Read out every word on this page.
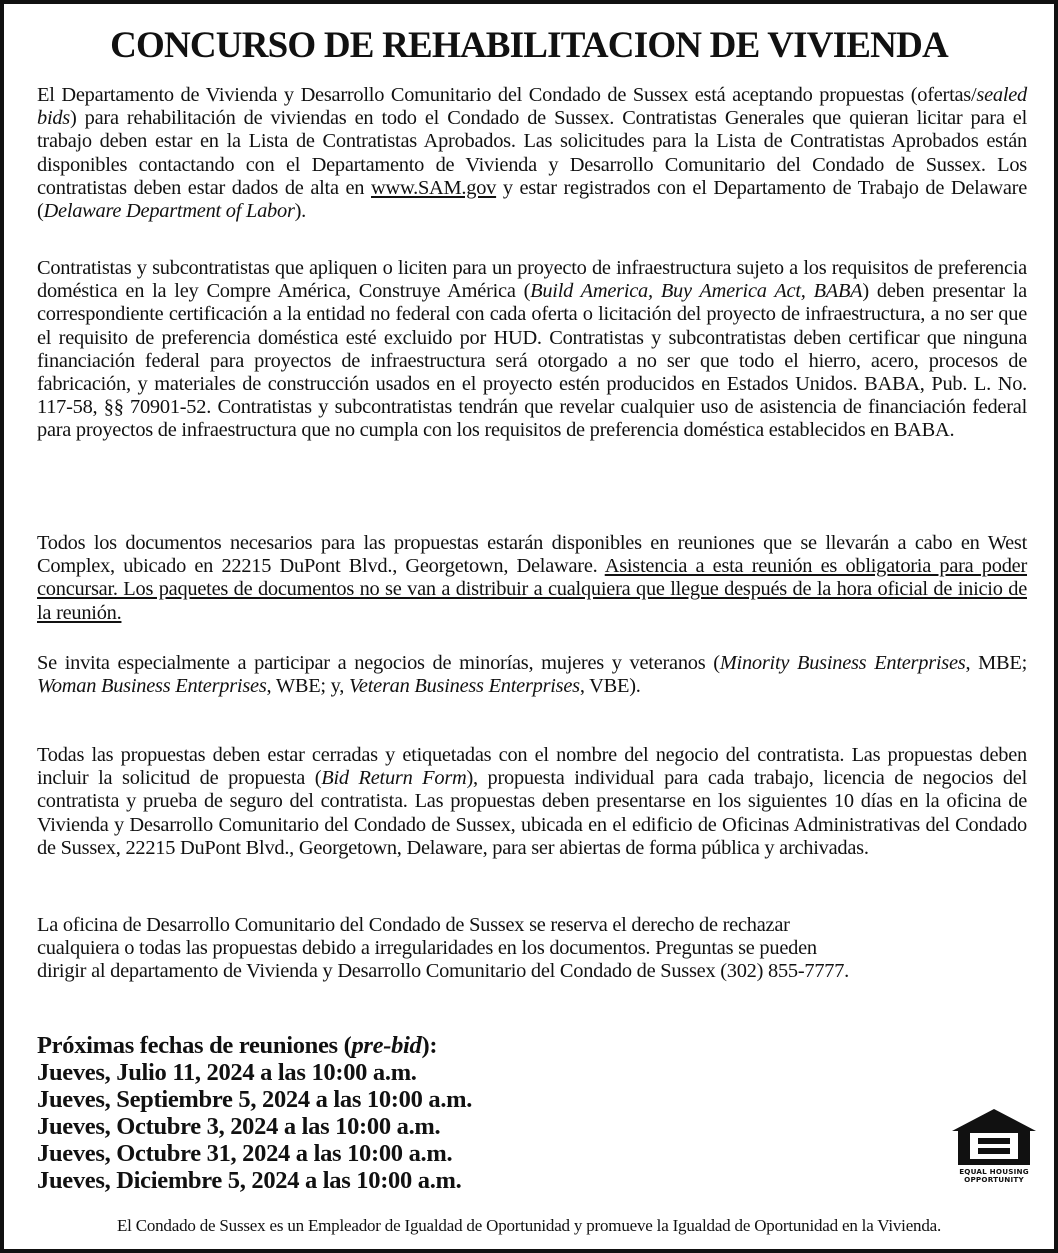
CONCURSO DE REHABILITACION DE VIVIENDA

El Departamento de Vivienda y Desarrollo Comunitario del Condado de Sussex está aceptando propuestas (ofertas/sealed bids) para rehabilitación de viviendas en todo el Condado de Sussex. Contratistas Generales que quieran licitar para el trabajo deben estar en la Lista de Contratistas Aprobados. Las solicitudes para la Lista de Contratistas Aprobados están disponibles contactando con el Departamento de Vivienda y Desarrollo Comunitario del Condado de Sussex. Los contratistas deben estar dados de alta en www.SAM.gov y estar registrados con el Departamento de Trabajo de Delaware (Delaware Department of Labor).

Contratistas y subcontratistas que apliquen o liciten para un proyecto de infraestructura sujeto a los requisitos de preferencia doméstica en la ley Compre América, Construye América (Build America, Buy America Act, BABA) deben presentar la correspondiente certificación a la entidad no federal con cada oferta o licitación del proyecto de infraestructura, a no ser que el requisito de preferencia doméstica esté excluido por HUD. Contratistas y subcontratistas deben certificar que ninguna financiación federal para proyectos de infraestructura será otorgado a no ser que todo el hierro, acero, procesos de fabricación, y materiales de construcción usados en el proyecto estén producidos en Estados Unidos. BABA, Pub. L. No. 117-58, §§ 70901-52. Contratistas y subcontratistas tendrán que revelar cualquier uso de asistencia de financiación federal para proyectos de infraestructura que no cumpla con los requisitos de preferencia doméstica establecidos en BABA.

Todos los documentos necesarios para las propuestas estarán disponibles en reuniones que se llevarán a cabo en West Complex, ubicado en 22215 DuPont Blvd., Georgetown, Delaware. Asistencia a esta reunión es obligatoria para poder concursar. Los paquetes de documentos no se van a distribuir a cualquiera que llegue después de la hora oficial de inicio de la reunión.

Se invita especialmente a participar a negocios de minorías, mujeres y veteranos (Minority Business Enterprises, MBE; Woman Business Enterprises, WBE; y, Veteran Business Enterprises, VBE).

Todas las propuestas deben estar cerradas y etiquetadas con el nombre del negocio del contratista. Las propuestas deben incluir la solicitud de propuesta (Bid Return Form), propuesta individual para cada trabajo, licencia de negocios del contratista y prueba de seguro del contratista. Las propuestas deben presentarse en los siguientes 10 días en la oficina de Vivienda y Desarrollo Comunitario del Condado de Sussex, ubicada en el edificio de Oficinas Administrativas del Condado de Sussex, 22215 DuPont Blvd., Georgetown, Delaware, para ser abiertas de forma pública y archivadas.

La oficina de Desarrollo Comunitario del Condado de Sussex se reserva el derecho de rechazar cualquiera o todas las propuestas debido a irregularidades en los documentos. Preguntas se pueden dirigir al departamento de Vivienda y Desarrollo Comunitario del Condado de Sussex (302) 855-7777.

Próximas fechas de reuniones (pre-bid):
Jueves, Julio 11, 2024 a las 10:00 a.m.
Jueves, Septiembre 5, 2024 a las 10:00 a.m.
Jueves, Octubre 3, 2024 a las 10:00 a.m.
Jueves, Octubre 31, 2024 a las 10:00 a.m.
Jueves, Diciembre 5, 2024 a las 10:00 a.m.	EQUAL HOUSING
OPPORTUNITY
El Condado de Sussex es un Empleador de Igualdad de Oportunidad y promueve la Igualdad de Oportunidad en la Vivienda.
